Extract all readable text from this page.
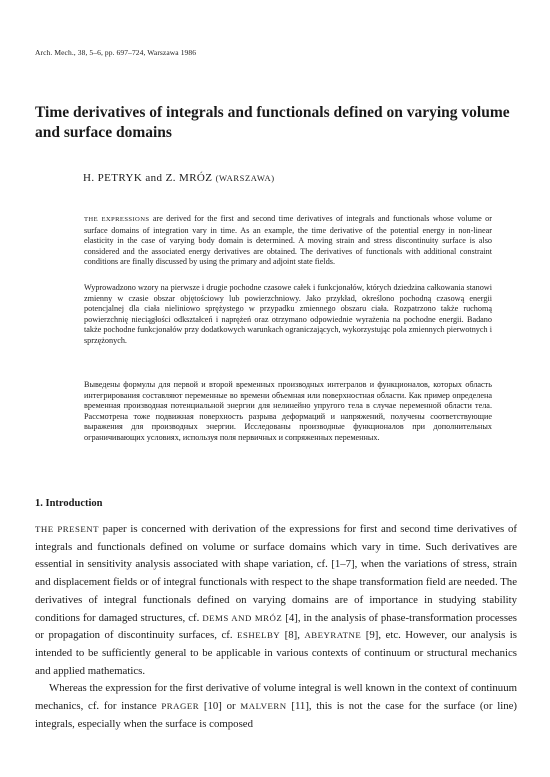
Arch. Mech., 38, 5–6, pp. 697–724, Warszawa 1986
Time derivatives of integrals and functionals defined on varying volume and surface domains
H. PETRYK and Z. MRÓZ (WARSZAWA)
THE EXPRESSIONS are derived for the first and second time derivatives of integrals and functionals whose volume or surface domains of integration vary in time. As an example, the time derivative of the potential energy in non-linear elasticity in the case of varying body domain is determined. A moving strain and stress discontinuity surface is also considered and the associated energy derivatives are obtained. The derivatives of functionals with additional constraint conditions are finally discussed by using the primary and adjoint state fields.
Wyprowadzono wzory na pierwsze i drugie pochodne czasowe całek i funkcjonałów, których dziedzina całkowania stanowi zmienny w czasie obszar objętościowy lub powierzchniowy. Jako przykład, określono pochodną czasową energii potencjalnej dla ciała nieliniowo sprężystego w przypadku zmiennego obszaru ciała. Rozpatrzono także ruchomą powierzchnię nieciągłości odkształceń i naprężeń oraz otrzymano odpowiednie wyrażenia na pochodne energii. Badano także pochodne funkcjonałów przy dodatkowych warunkach ograniczających, wykorzystując pola zmiennych pierwotnych i sprzężonych.
Выведены формулы для первой и второй временных производных интегралов и функционалов, которых область интегрирования составляют переменные во времени объемная или поверхностная области. Как пример определена временная производная потенциальной энергии для нелинейно упругого тела в случае переменной области тела. Рассмотрена тоже подвижная поверхность разрыва деформаций и напряжений, получены соответствующие выражения для производных энергии. Исследованы производные функционалов при дополнительных ограничивающих условиях, используя поля первичных и сопряженных переменных.
1. Introduction

THE PRESENT paper is concerned with derivation of the expressions for first and second time derivatives of integrals and functionals defined on volume or surface domains which vary in time. Such derivatives are essential in sensitivity analysis associated with shape variation, cf. [1–7], when the variations of stress, strain and displacement fields or of integral functionals with respect to the shape transformation field are needed. The derivatives of integral functionals defined on varying domains are of importance in studying stability conditions for damaged structures, cf. DEMS AND MRÓZ [4], in the analysis of phase-transformation processes or propagation of discontinuity surfaces, cf. ESHELBY [8], ABEYRATNE [9], etc. However, our analysis is intended to be sufficiently general to be applicable in various contexts of continuum or structural mechanics and applied mathematics.

Whereas the expression for the first derivative of volume integral is well known in the context of continuum mechanics, cf. for instance PRAGER [10] or MALVERN [11], this is not the case for the surface (or line) integrals, especially when the surface is composed
